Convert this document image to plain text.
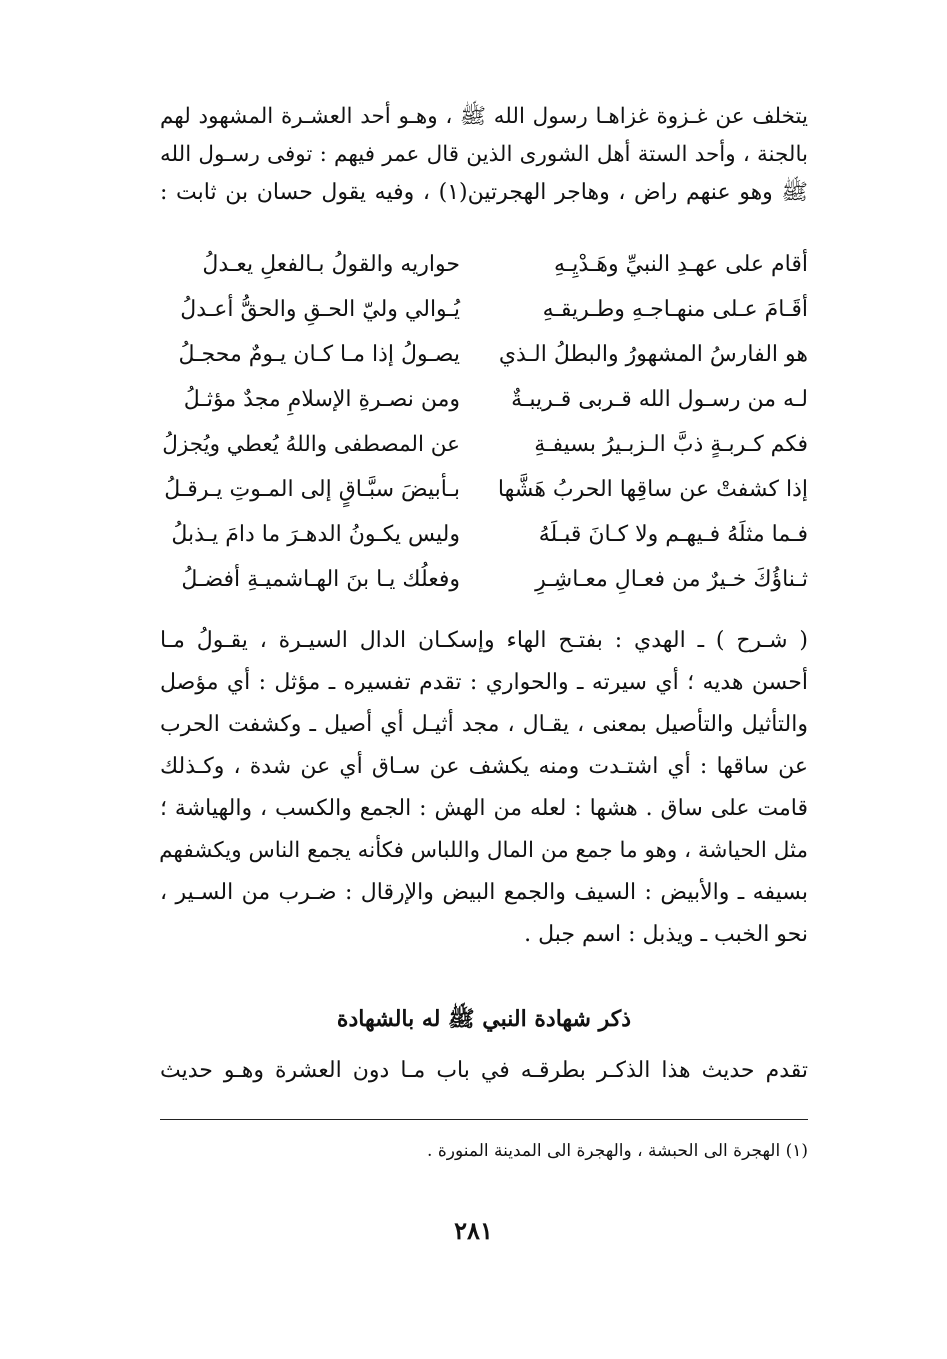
يتخلف عن غـزوة غزاهـا رسول الله ﷺ ، وهـو أحد العشـرة المشهود لهم
بالجنة ، وأحد الستة أهل الشورى الذين قال عمر فيهم : توفى رسـول الله
ﷺ وهو عنهم راض ، وهاجر الهجرتين(١) ، وفيه يقول حسان بن ثابت :
أقام على عهـدِ النبيِّ وهَـدْيِـهِ
حواريه والقولُ بـالفعلِ يعـدلُ
أقَـامَ عـلى منهـاجـهِ وطـريقـهِ
يُـوالي وليّ الحـقِ والحقُّ أعـدلُ
هو الفارسُ المشهورُ والبطلُ الـذي
يصـولُ إذا مـا كـان يـومٌ محجـلُ
لـه من رسـول الله قـربى قـريبـةٌ
ومن نصـرةِ الإسلامِ مجدٌ مؤثـلُ
فكم كـربـةٍ ذبَّ الـزبـيرُ بسيفـةِ
عن المصطفى واللهُ يُعطي ويُجزلُ
إذا كشفتْ عن ساقِها الحربُ هَشَّها
بـأبيضَ سبَّـاقٍ إلى المـوتِ يـرقـلُ
فـما مثلَهُ فـيهـم ولا كـانَ قبـلَهُ
وليس يكـونُ الدهـرَ ما دامَ يـذبلُ
ثـناؤُكَ خـيرٌ من فعـالِ معـاشِـرِ
وفعلُك يـا بنَ الهـاشميـةِ أفضـلُ
( شـرح ) ـ الهدي : بفتـح الهاء وإسكـان الدال السيـرة ، يقـولُ مـا
أحسن هديه ؛ أي سيرته ـ والحواري : تقدم تفسيره ـ مؤثل : أي مؤصل
والتأثيل والتأصيل بمعنى ، يقـال ، مجد أثيـل أي أصيل ـ وكشفت الحرب
عن ساقها : أي اشتـدت ومنه يكشف عن سـاق أي عن شدة ، وكـذلك
قامت على ساق . هشها : لعله من الهش : الجمع والكسب ، والهياشة ؛
مثل الحياشة ، وهو ما جمع من المال واللباس فكأنه يجمع الناس ويكشفهم
بسيفه ـ والأبيض : السيف والجمع البيض والإرقال : ضـرب من السـير ،
نحو الخبب ـ ويذبل : اسم جبل .
ذكر شهادة النبي ﷺ له بالشهادة
تقدم حديث هذا الذكـر بطرقـه في باب مـا دون العشرة وهـو حديث
(١) الهجرة الى الحبشة ، والهجرة الى المدينة المنورة .
٢٨١
